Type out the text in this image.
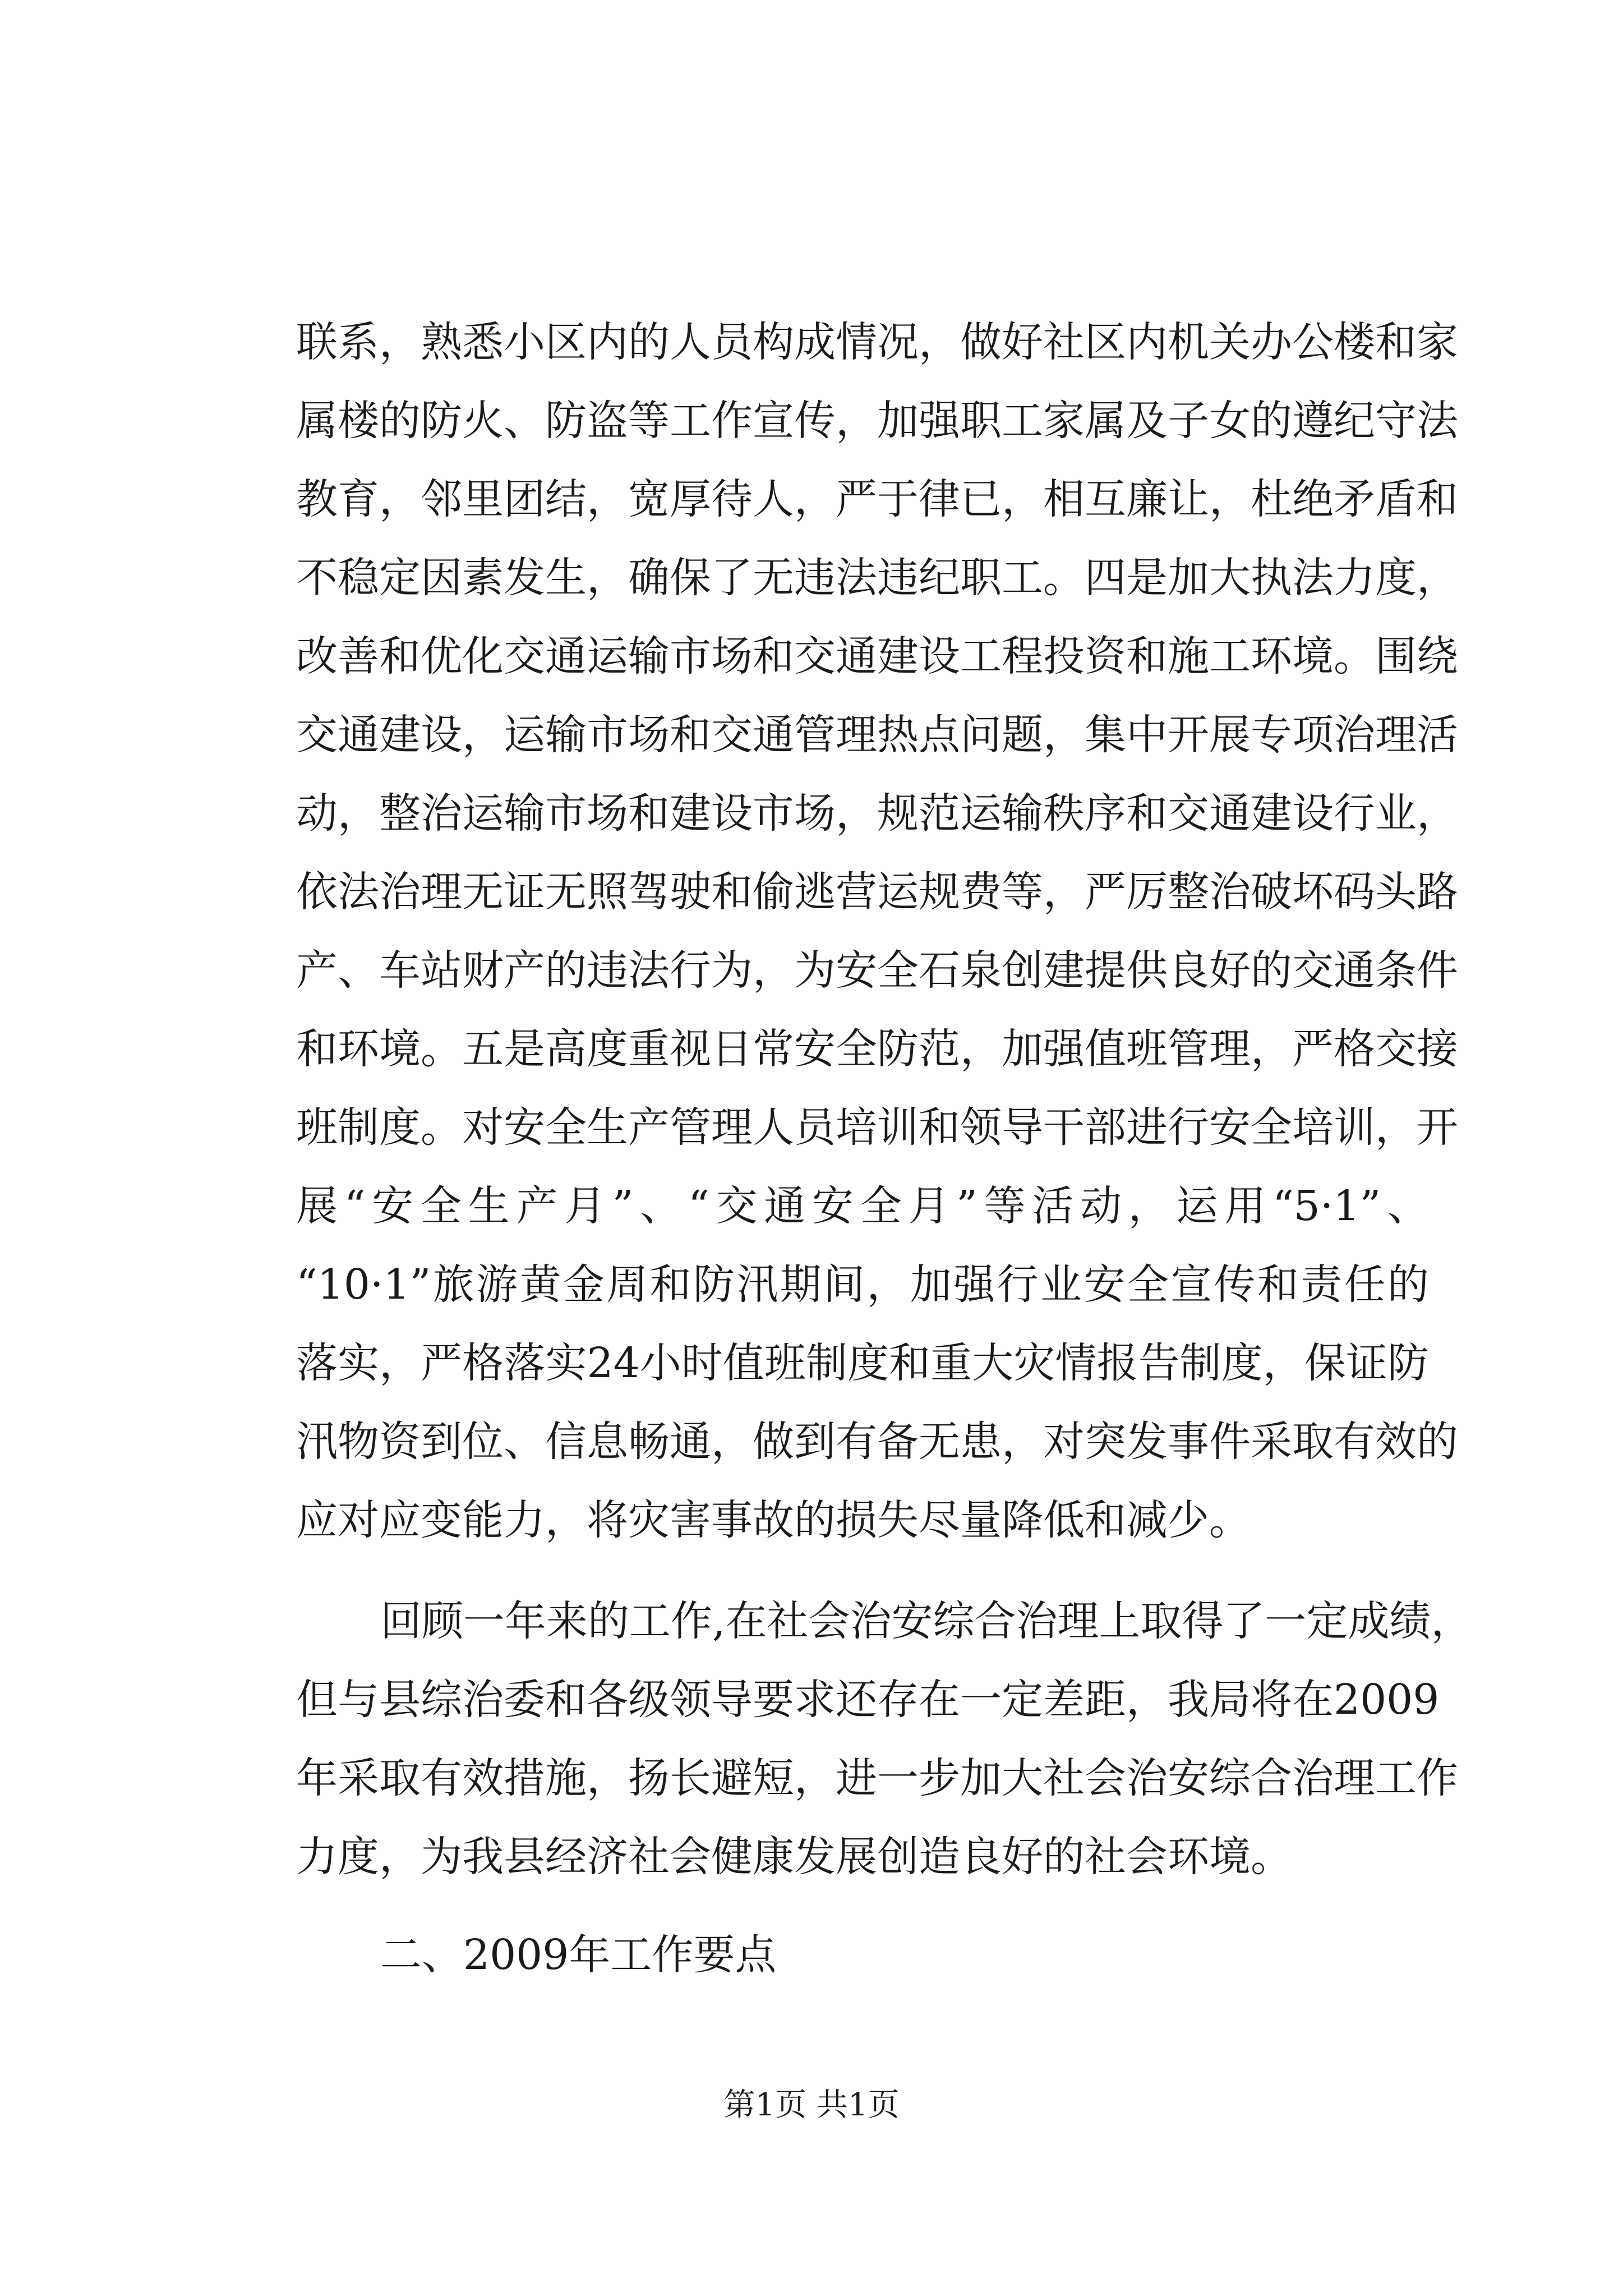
联系，熟悉小区内的人员构成情况，做好社区内机关办公楼和家
属楼的防火、防盗等工作宣传，加强职工家属及子女的遵纪守法
教育，邻里团结，宽厚待人，严于律已，相互廉让，杜绝矛盾和
不稳定因素发生，确保了无违法违纪职工。四是加大执法力度，
改善和优化交通运输市场和交通建设工程投资和施工环境。围绕
交通建设，运输市场和交通管理热点问题，集中开展专项治理活
动，整治运输市场和建设市场，规范运输秩序和交通建设行业，
依法治理无证无照驾驶和偷逃营运规费等，严厉整治破坏码头路
产、车站财产的违法行为，为安全石泉创建提供良好的交通条件
和环境。五是高度重视日常安全防范，加强值班管理，严格交接
班制度。对安全生产管理人员培训和领导干部进行安全培训，开
展“安全生产月”、“交通安全月”等活动，运用“5·1”、
“10·1”旅游黄金周和防汛期间，加强行业安全宣传和责任的
落实，严格落实24小时值班制度和重大灾情报告制度，保证防
汛物资到位、信息畅通，做到有备无患，对突发事件采取有效的
应对应变能力，将灾害事故的损失尽量降低和减少。
回顾一年来的工作,在社会治安综合治理上取得了一定成绩，
但与县综治委和各级领导要求还存在一定差距，我局将在2009
年采取有效措施，扬长避短，进一步加大社会治安综合治理工作
力度，为我县经济社会健康发展创造良好的社会环境。
二、2009年工作要点
第1页 共1页
